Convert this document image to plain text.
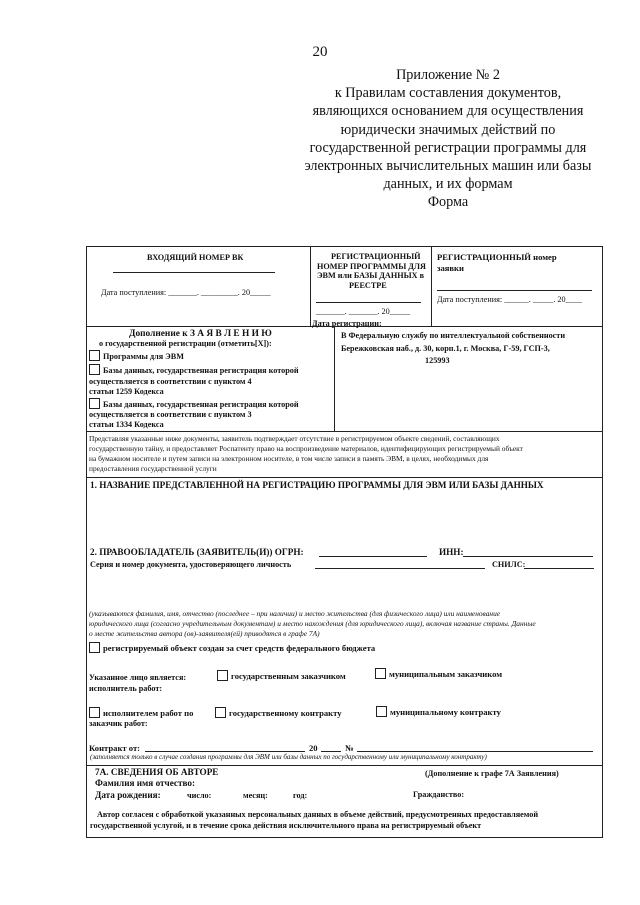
20
Приложение № 2
к Правилам составления документов,
являющихся основанием для осуществления
юридически значимых действий по
государственной регистрации программы для
электронных вычислительных машин или базы
данных, и их формам
Форма
ВХОДЯЩИЙ НОМЕР ВК
Дата поступления: _______. _________. 20_____
РЕГИСТРАЦИОННЫЙ
НОМЕР ПРОГРАММЫ ДЛЯ
ЭВМ или БАЗЫ ДАННЫХ в
РЕЕСТРЕ
_______. _______. 20_____
Дата регистрации:
РЕГИСТРАЦИОННЫЙ номер
заявки
Дата поступления: ______. _____. 20____
Дополнение к З А Я В Л Е Н И Ю
о государственной регистрации (отметить[X]):
Программы для ЭВМ
Базы данных, государственная регистрация которой
осуществляется в соответствии с пунктом 4
статьи 1259 Кодекса
Базы данных, государственная регистрация которой
осуществляется в соответствии с пунктом 3
статьи 1334 Кодекса
В Федеральную службу по интеллектуальной собственности
Бережковская наб., д. 30, корп.1, г. Москва, Г-59, ГСП-3,
125993
Представляя указанные ниже документы, заявитель подтверждает отсутствие в регистрируемом объекте сведений, составляющих
государственную тайну, и предоставляет Роспатенту право на воспроизведение материалов, идентифицирующих регистрируемый объект
на бумажном носителе и путем записи на электронном носителе, в том числе записи в память ЭВМ, в целях, необходимых для
предоставления государственной услуги
1. НАЗВАНИЕ ПРЕДСТАВЛЕННОЙ НА РЕГИСТРАЦИЮ ПРОГРАММЫ ДЛЯ ЭВМ ИЛИ БАЗЫ ДАННЫХ
2. ПРАВООБЛАДАТЕЛЬ (ЗАЯВИТЕЛЬ(И)) ОГРН:	ИНН:
Серия и номер документа, удостоверяющего личность	СНИЛС:
(указываются фамилия, имя, отчество (последнее – при наличии) и место жительства (для физического лица) или наименование
юридического лица (согласно учредительным документам) и место нахождения (для юридического лица), включая название страны. Данные
о месте жительства автора (ов)-заявителя(ей) приводятся в графе 7А)
регистрируемый объект создан за счет средств федерального бюджета
Указанное лицо является:
исполнитель работ:
государственным заказчиком	муниципальным заказчиком
исполнителем работ по
заказчик работ:
государственному контракту	муниципальному контракту
Контракт от:	20	№
(заполняется только в случае создания программы для ЭВМ или базы данных по государственному или муниципальному контракту)
7А. СВЕДЕНИЯ ОБ АВТОРЕ	(Дополнение к графе 7А Заявления)
Фамилия имя отчество:
Дата рождения:	число:	месяц:	год:	Гражданство:
Автор согласен с обработкой указанных персональных данных в объеме действий, предусмотренных предоставляемой
государственной услугой, и в течение срока действия исключительного права на регистрируемый объект
